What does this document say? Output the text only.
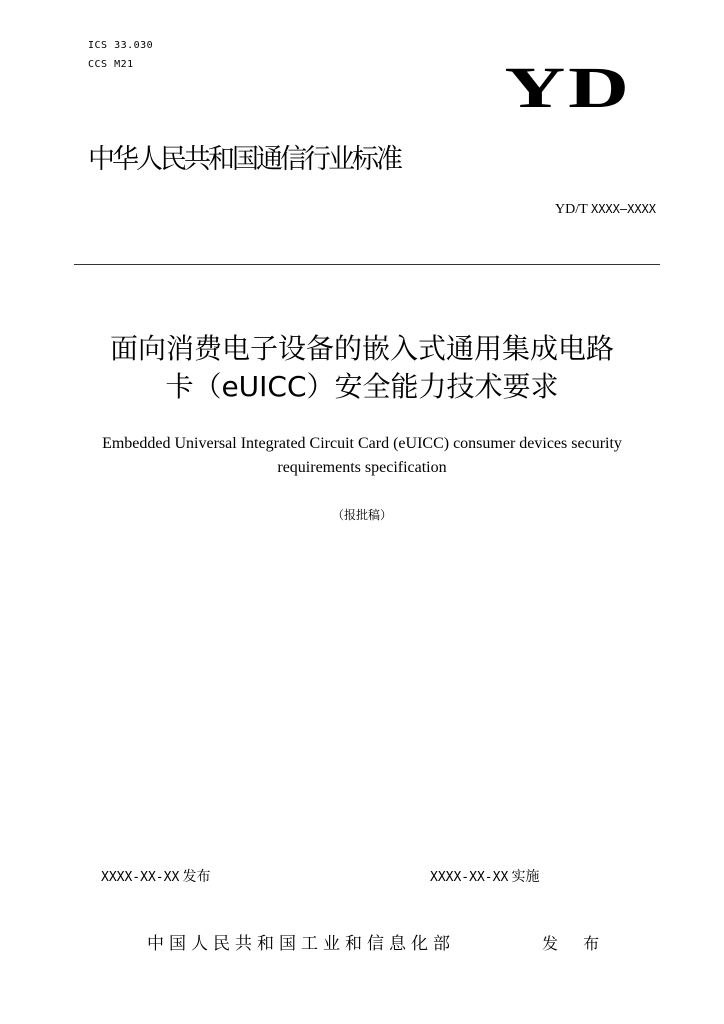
ICS 33.030
CCS M21	YD
中华人民共和国通信行业标准
YD/T XXXX—XXXX
面向消费电子设备的嵌入式通用集成电路
卡（eUICC）安全能力技术要求
Embedded Universal Integrated Circuit Card (eUICC) consumer devices security
requirements specification
（报批稿）
XXXX-XX-XX 发布	XXXX-XX-XX 实施
中国人民共和国工业和信息化部	发 布
